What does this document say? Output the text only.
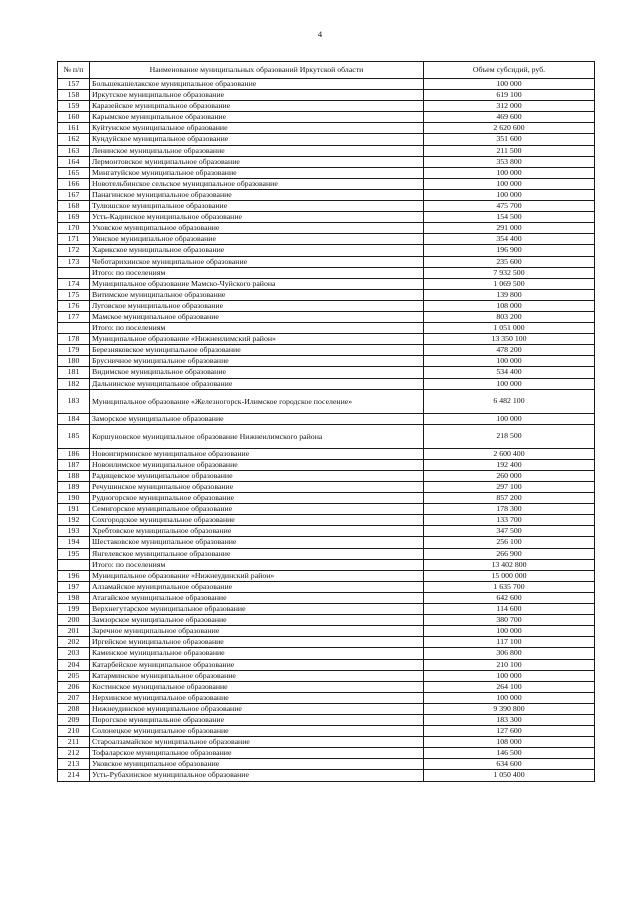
4
№ п/п	Наименование муниципальных образований Иркутской области	Объем субсидий, руб.
157	Большекашелакское муниципальное образование	100 000
158	Иркутское муниципальное образование	619 100
159	Каразейское муниципальное образование	312 000
160	Карымское муниципальное образование	469 600
161	Куйтунское муниципальное образование	2 620 600
162	Кундуйское муниципальное образование	351 600
163	Ленинское муниципальное образование	211 500
164	Лермонтовское муниципальное образование	353 800
165	Мингатуйское муниципальное образование	100 000
166	Новотельбинское сельское муниципальное образование	100 000
167	Панагинское муниципальное образование	100 000
168	Тулюшское муниципальное образование	475 700
169	Усть-Кадинское муниципальное образование	154 500
170	Уховское муниципальное образование	291 000
171	Уянское муниципальное образование	354 400
172	Харикское муниципальное образование	196 900
173	Чеботарихинское муниципальное образование	235 600
	Итого: по поселениям	7 932 500
174	Муниципальное образование Мамско-Чуйского района	1 069 500
175	Витимское муниципальное образование	139 800
176	Луговское муниципальное образование	108 000
177	Мамское муниципальное образование	803 200
	Итого: по поселениям	1 051 000
178	Муниципальное образование «Нижнеилимский район»	13 350 100
179	Березняковское муниципальное образование	478 200
180	Брусничное муниципальное образование	100 000
181	Видимское муниципальное образование	534 400
182	Дальнинское муниципальное образование	100 000
183	Муниципальное образование «Железногорск-Илимское городское поселение»	6 482 100
184	Заморское муниципальное образование	100 000
185	Коршуновское муниципальное образование Нижнеилимского района	218 500
186	Новоигирминское муниципальное образование	2 600 400
187	Новоилимское муниципальное образование	192 400
188	Радищевское муниципальное образование	260 000
189	Речушинское муниципальное образование	297 100
190	Рудногорское муниципальное образование	857 200
191	Семигорское муниципальное образование	178 300
192	Сохгородское муниципальное образование	133 700
193	Хребтовское муниципальное образование	347 500
194	Шестаковское муниципальное образование	256 100
195	Янгелевское муниципальное образование	266 900
	Итого: по поселениям	13 402 800
196	Муниципальное образование «Нижнеудинский район»	15 000 000
197	Алзамайское муниципальное образование	1 635 700
198	Атагайское муниципальное образование	642 600
199	Верхнегутарское муниципальное образование	114 600
200	Замзорское муниципальное образование	380 700
201	Заречное муниципальное образование	100 000
202	Иргейское муниципальное образование	117 100
203	Каменское муниципальное образование	306 800
204	Катарбейское муниципальное образование	210 100
205	Катарминское муниципальное образование	100 000
206	Костинское муниципальное образование	264 100
207	Нерхинское муниципальное образование	100 000
208	Нижнеудинское муниципальное образование	9 390 800
209	Порогское муниципальное образование	183 300
210	Солонецкое муниципальное образование	127 600
211	Староалзамайское муниципальное образование	108 000
212	Тофаларское муниципальное образование	146 500
213	Уковское муниципальное образование	634 600
214	Усть-Рубахинское муниципальное образование	1 050 400
